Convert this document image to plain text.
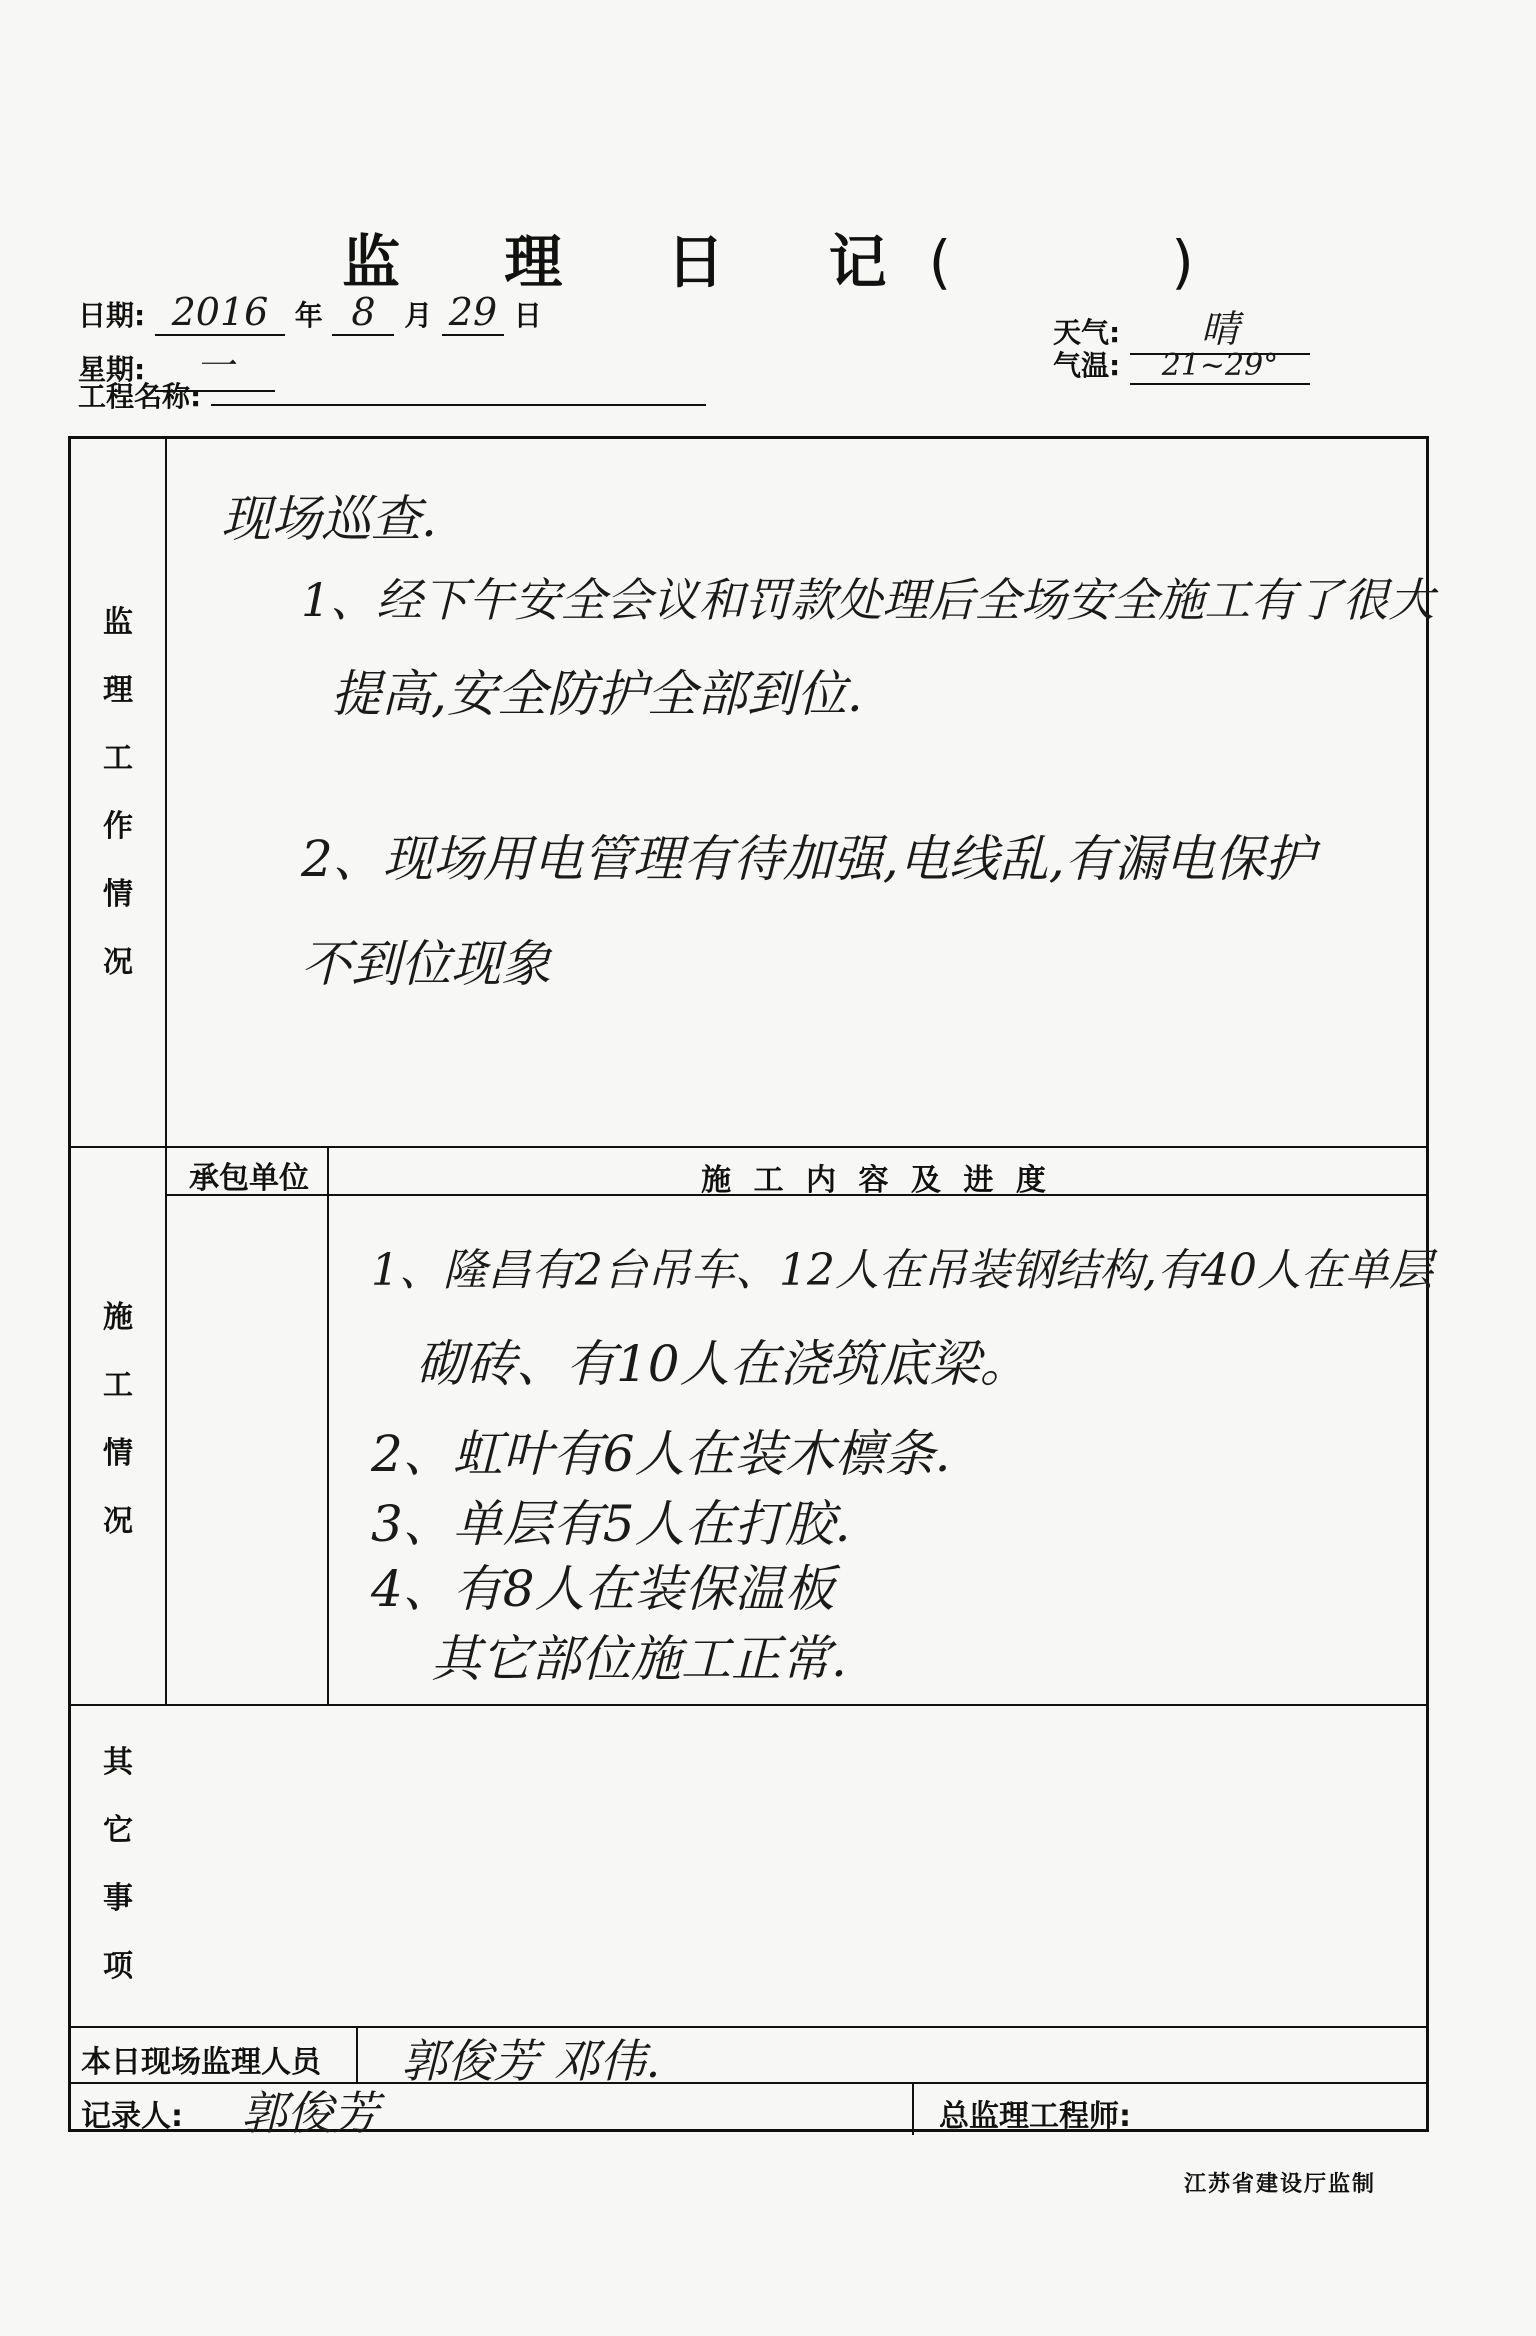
监 理 日 记(	)
日期: 2016 年 8 月 29 日
星期: 一
工程名称:
天气: 晴
气温: 21~29°
监
理
工
作
情
况
现场巡查.
1、经下午安全会议和罚款处理后全场安全施工有了很大
提高,安全防护全部到位.
2、现场用电管理有待加强,电线乱,有漏电保护
不到位现象
施
工
情
况
承包单位	施 工 内 容 及 进 度
1、隆昌有2台吊车、12人在吊装钢结构,有40人在单层
砌砖、有10人在浇筑底梁。
2、虹叶有6人在装木檩条.
3、单层有5人在打胶.
4、有8人在装保温板
其它部位施工正常.
其
它
事
项
本日现场监理人员 郭俊芳 邓伟.
记录人: 郭俊芳	总监理工程师:
江苏省建设厅监制
